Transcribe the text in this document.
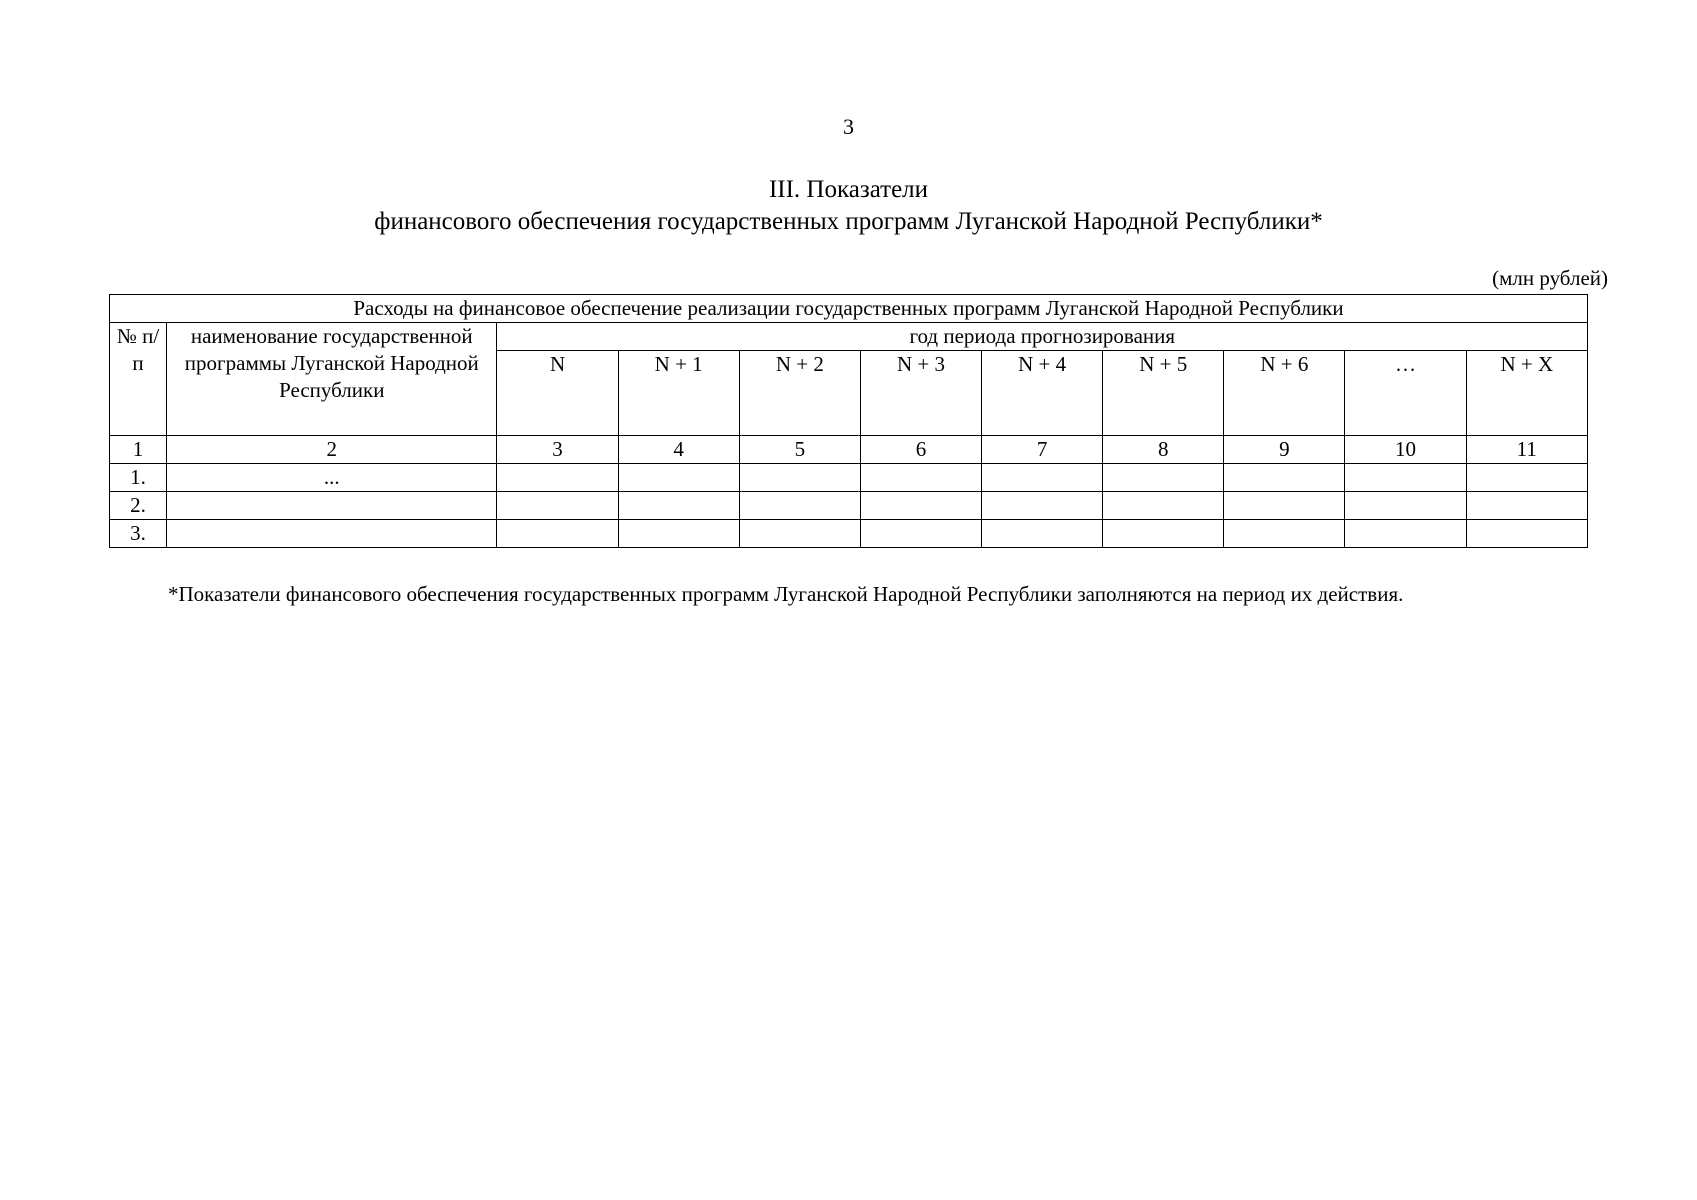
3
III. Показатели
финансового обеспечения государственных программ Луганской Народной Республики*
(млн рублей)
Расходы на финансовое обеспечение реализации государственных программ Луганской Народной Республики										
№ п/п	наименование государственной программы Луганской Народной Республики	год периода прогнозирования								
		N	N + 1	N + 2	N + 3	N + 4	N + 5	N + 6	…	N + X
1	2	3	4	5	6	7	8	9	10	11
1.	...									
2.										
3.										
*Показатели финансового обеспечения государственных программ Луганской Народной Республики заполняются на период их действия.
